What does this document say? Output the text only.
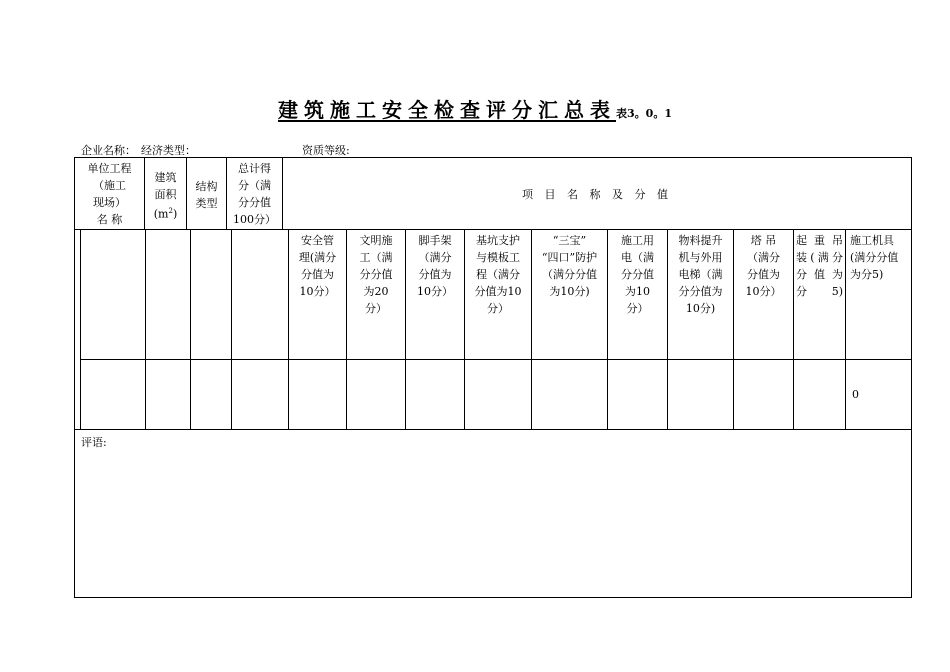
建筑施工安全检查评分汇总表表3。0。1
企业名称： 经济类型：	资质等级:
单位工程
（施工
现场）
名 称
建筑
面积
$(m^2)$
结构
类型
总计得
分（满
分分值
100分）
项 目 名 称 及 分 值
安全管
理(满分
分值为
10分）
文明施
工（满
分分值
为20
分）
脚手架
（满分
分值为
10分）
基坑支护
与模板工
程（满分
分值为10
分）
“三宝”
“四口”防护
（满分分值
为10分)
施工用
电（满
分分值
为10
分）
物料提升
机与外用
电梯（满
分分值为
10分)
塔 吊
（满分
分值为
10分）
起重吊
装(满分
分值为
分5)
施工机具
(满分分值
为分5)
0
评语:
